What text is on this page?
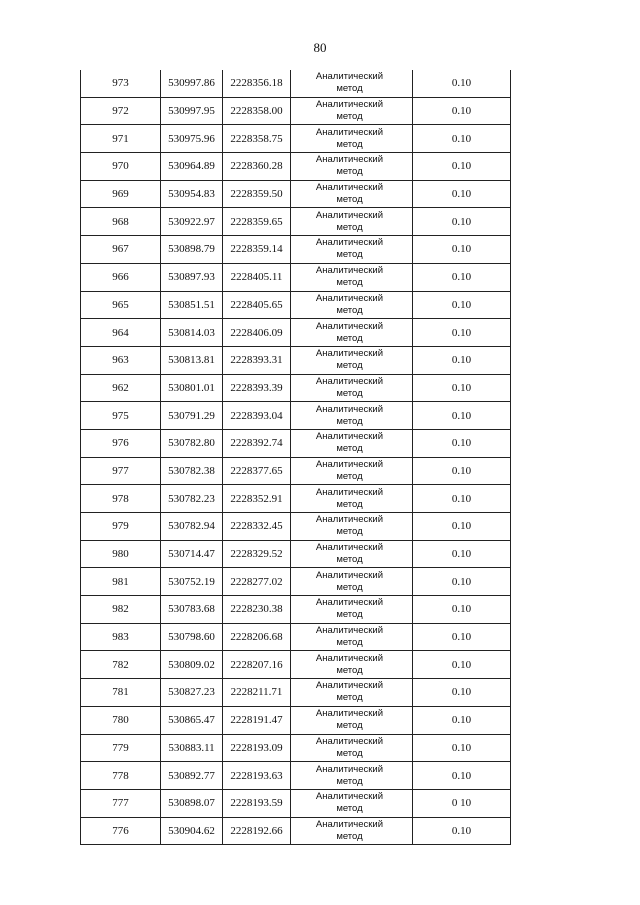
80
973	530997.86	2228356.18	Аналитический метод	0.10
972	530997.95	2228358.00	Аналитический метод	0.10
971	530975.96	2228358.75	Аналитический метод	0.10
970	530964.89	2228360.28	Аналитический метод	0.10
969	530954.83	2228359.50	Аналитический метод	0.10
968	530922.97	2228359.65	Аналитический метод	0.10
967	530898.79	2228359.14	Аналитический метод	0.10
966	530897.93	2228405.11	Аналитический метод	0.10
965	530851.51	2228405.65	Аналитический метод	0.10
964	530814.03	2228406.09	Аналитический метод	0.10
963	530813.81	2228393.31	Аналитический метод	0.10
962	530801.01	2228393.39	Аналитический метод	0.10
975	530791.29	2228393.04	Аналитический метод	0.10
976	530782.80	2228392.74	Аналитический метод	0.10
977	530782.38	2228377.65	Аналитический метод	0.10
978	530782.23	2228352.91	Аналитический метод	0.10
979	530782.94	2228332.45	Аналитический метод	0.10
980	530714.47	2228329.52	Аналитический метод	0.10
981	530752.19	2228277.02	Аналитический метод	0.10
982	530783.68	2228230.38	Аналитический метод	0.10
983	530798.60	2228206.68	Аналитический метод	0.10
782	530809.02	2228207.16	Аналитический метод	0.10
781	530827.23	2228211.71	Аналитический метод	0.10
780	530865.47	2228191.47	Аналитический метод	0.10
779	530883.11	2228193.09	Аналитический метод	0.10
778	530892.77	2228193.63	Аналитический метод	0.10
777	530898.07	2228193.59	Аналитический метод	0 10
776	530904.62	2228192.66	Аналитический метод	0.10
